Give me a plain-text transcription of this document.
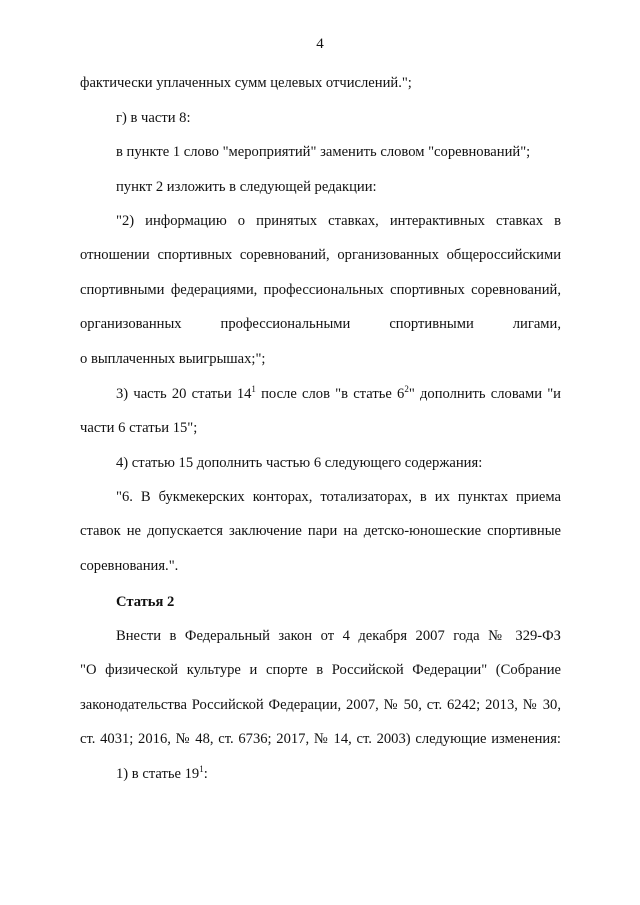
4
фактически уплаченных сумм целевых отчислений.";
г) в части 8:
в пункте 1 слово "мероприятий" заменить словом "соревнований";
пункт 2 изложить в следующей редакции:
"2) информацию о принятых ставках, интерактивных ставках в
отношении спортивных соревнований, организованных общероссийскими
спортивными федерациями, профессиональных спортивных соревнований,
организованных профессиональными спортивными лигами,
о выплаченных выигрышах;";
3) часть 20 статьи $14^1$ после слов "в статье $6^2$" дополнить словами "и
части 6 статьи 15";
4) статью 15 дополнить частью 6 следующего содержания:
"6. В букмекерских конторах, тотализаторах, в их пунктах приема
ставок не допускается заключение пари на детско-юношеские спортивные
соревнования.".
Статья 2
Внести в Федеральный закон от 4 декабря 2007 года № 329-ФЗ
"О физической культуре и спорте в Российской Федерации" (Собрание
законодательства Российской Федерации, 2007, № 50, ст. 6242; 2013, № 30,
ст. 4031; 2016, № 48, ст. 6736; 2017, № 14, ст. 2003) следующие изменения:
1) в статье $19^1$:
